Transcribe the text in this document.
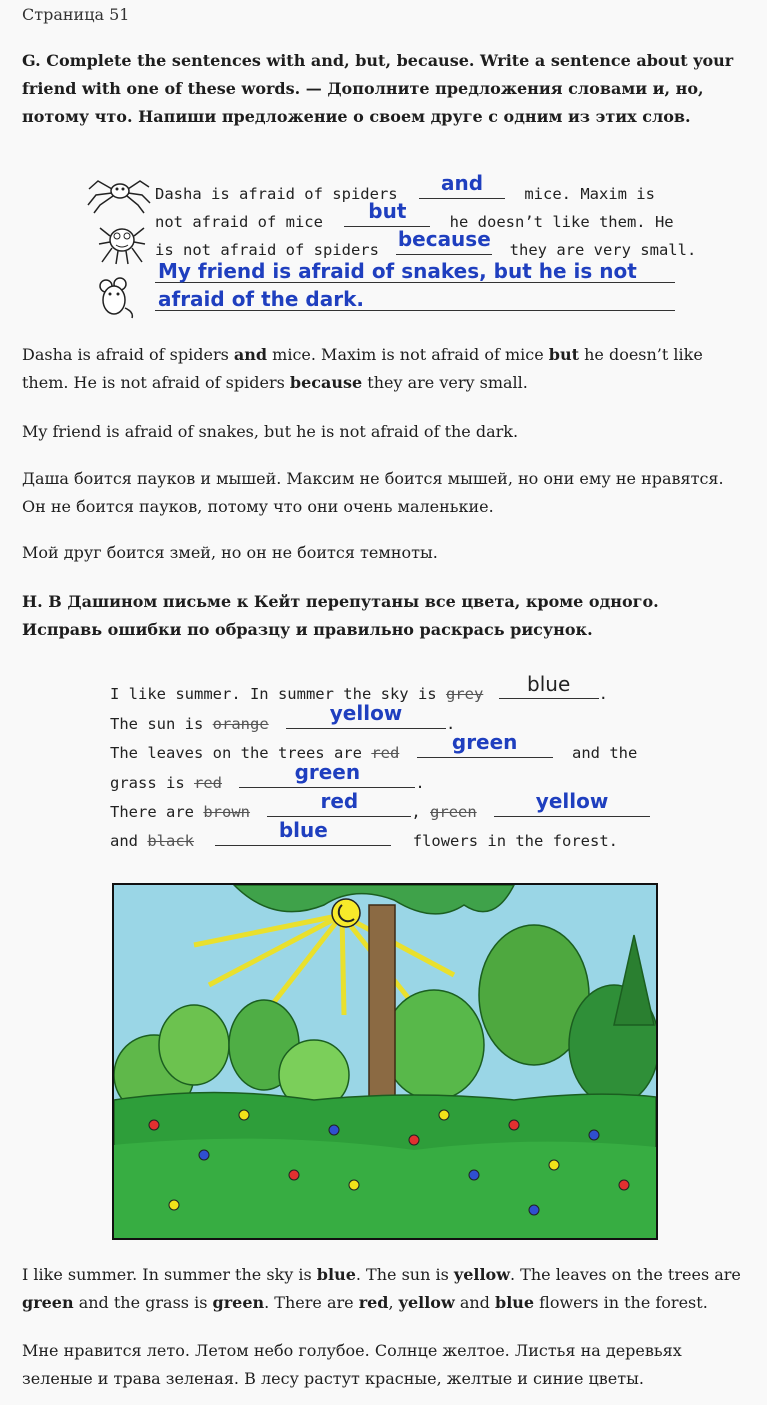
Страница 51

G. Complete the sentences with and, but, because. Write a sentence about your friend with one of these words. — Дополните предложения словами и, но, потому что. Напиши предложение о своем друге с одним из этих слов.

Dasha is afraid of spiders	and	mice. Maxim is
not afraid of mice	but	he doesn’t like them. He
is not afraid of spiders because they are very small.
My friend is afraid of snakes, but he is not
afraid of the dark.

Dasha is afraid of spiders and mice. Maxim is not afraid of mice but he doesn’t like them. He is not afraid of spiders because they are very small.

My friend is afraid of snakes, but he is not afraid of the dark.

Даша боится пауков и мышей. Максим не боится мышей, но они ему не нравятся. Он не боится пауков, потому что они очень маленькие.

Мой друг боится змей, но он не боится темноты.

H. В Дашином письме к Кейт перепутаны все цвета, кроме одного. Исправь ошибки по образцу и правильно раскрась рисунок.

I like summer. In summer the sky is grey	blue	.
The sun is orange	yellow	.
The leaves on the trees are red	green	and the
grass is red	green	.
There are brown	red	, green	yellow
and black	blue	flowers in the forest.

I like summer. In summer the sky is blue. The sun is yellow. The leaves on the trees are green and the grass is green. There are red, yellow and blue flowers in the forest.

Мне нравится лето. Летом небо голубое. Солнце желтое. Листья на деревьях зеленые и трава зеленая. В лесу растут красные, желтые и синие цветы.
